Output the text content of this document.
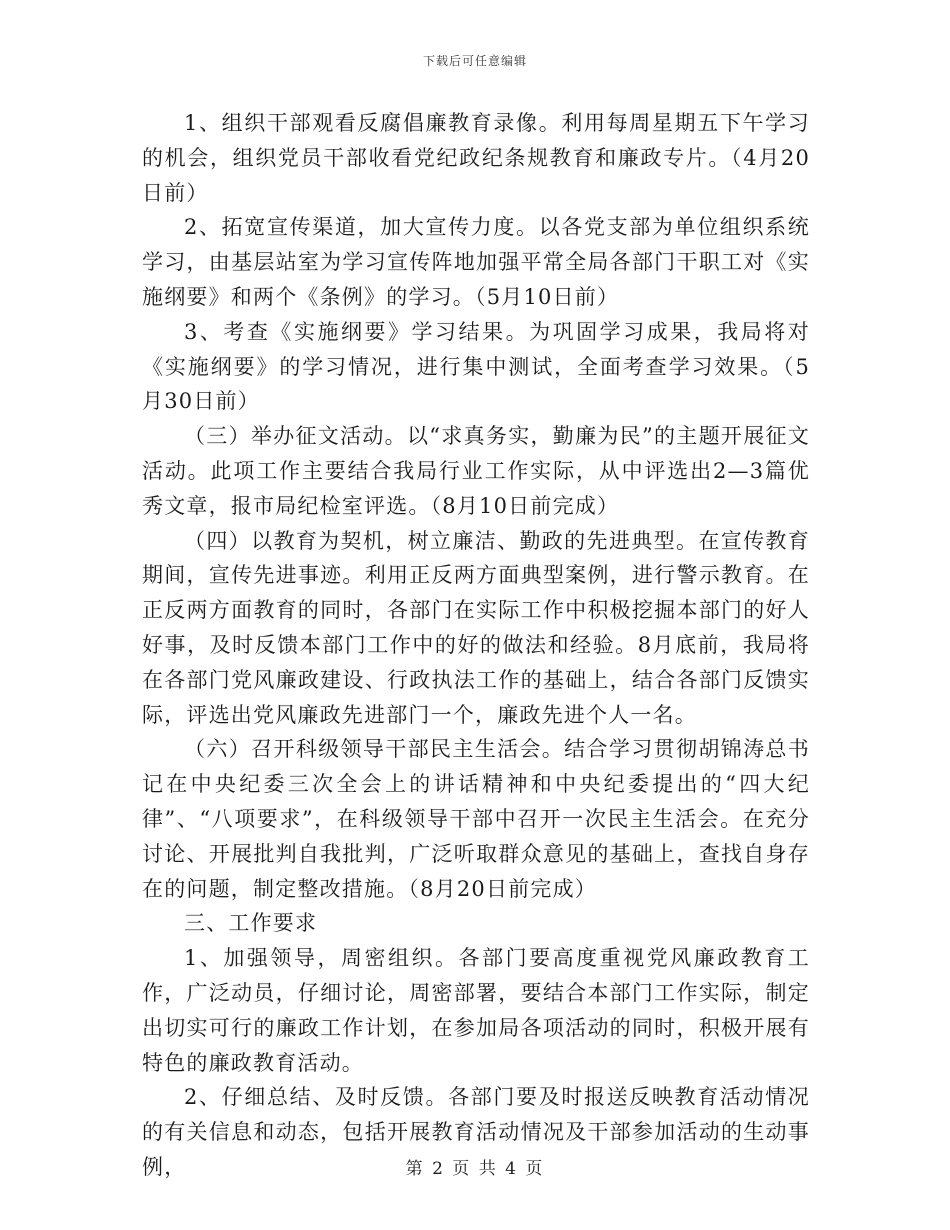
下载后可任意编辑

1、组织干部观看反腐倡廉教育录像。利用每周星期五下午学习的机会，组织党员干部收看党纪政纪条规教育和廉政专片。（4月20日前）

2、拓宽宣传渠道，加大宣传力度。以各党支部为单位组织系统学习，由基层站室为学习宣传阵地加强平常全局各部门干职工对《实施纲要》和两个《条例》的学习。（5月10日前）

3、考查《实施纲要》学习结果。为巩固学习成果，我局将对《实施纲要》的学习情况，进行集中测试，全面考查学习效果。（5月30日前）

（三）举办征文活动。以“求真务实，勤廉为民”的主题开展征文活动。此项工作主要结合我局行业工作实际，从中评选出2—3篇优秀文章，报市局纪检室评选。（8月10日前完成）

（四）以教育为契机，树立廉洁、勤政的先进典型。在宣传教育期间，宣传先进事迹。利用正反两方面典型案例，进行警示教育。在正反两方面教育的同时，各部门在实际工作中积极挖掘本部门的好人好事，及时反馈本部门工作中的好的做法和经验。8月底前，我局将在各部门党风廉政建设、行政执法工作的基础上，结合各部门反馈实际，评选出党风廉政先进部门一个，廉政先进个人一名。

（六）召开科级领导干部民主生活会。结合学习贯彻胡锦涛总书记在中央纪委三次全会上的讲话精神和中央纪委提出的“四大纪律”、“八项要求”，在科级领导干部中召开一次民主生活会。在充分讨论、开展批判自我批判，广泛听取群众意见的基础上，查找自身存在的问题，制定整改措施。（8月20日前完成）

三、工作要求

1、加强领导，周密组织。各部门要高度重视党风廉政教育工作，广泛动员，仔细讨论，周密部署，要结合本部门工作实际，制定出切实可行的廉政工作计划，在参加局各项活动的同时，积极开展有特色的廉政教育活动。

2、仔细总结、及时反馈。各部门要及时报送反映教育活动情况的有关信息和动态，包括开展教育活动情况及干部参加活动的生动事例，	第 2 页 共 4 页
